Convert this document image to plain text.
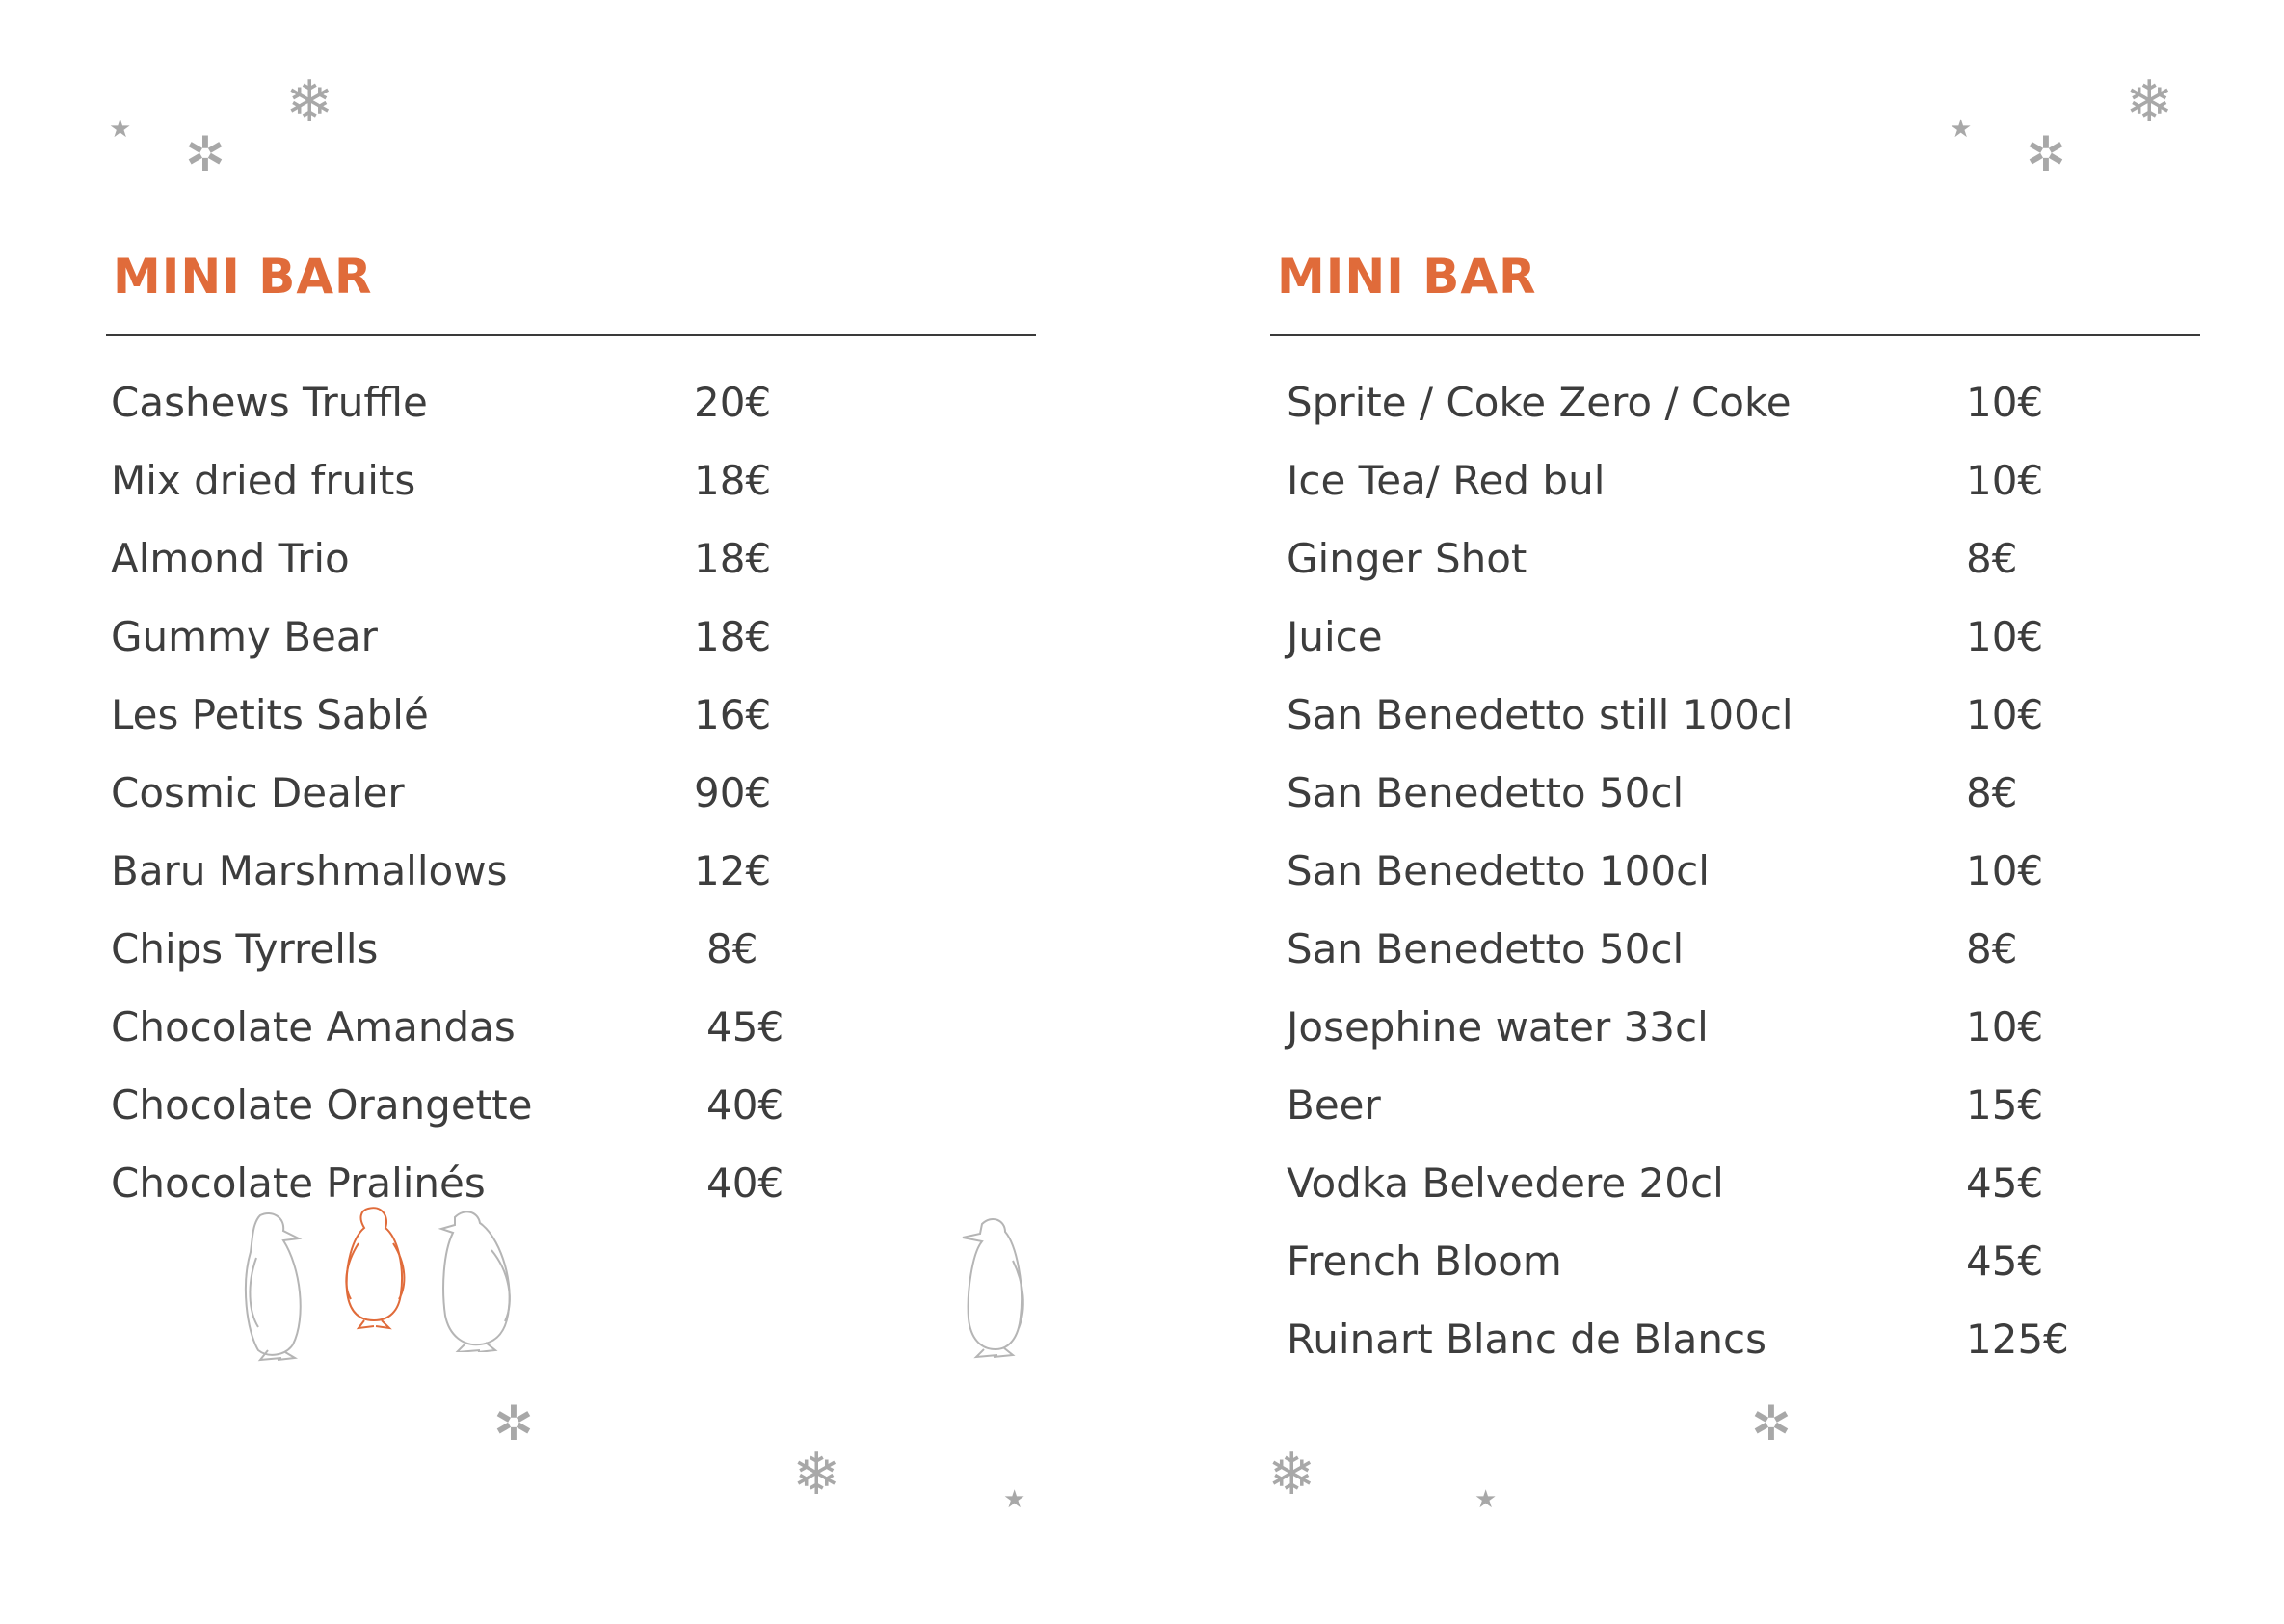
★ ✲
❄
MINI BAR
Cashews Truffle	20€
Mix dried fruits	18€
Almond Trio	18€
Gummy Bear	18€
Les Petits Sablé	16€
Cosmic Dealer	90€
Baru Marshmallows	12€
Chips Tyrrells	8€
Chocolate Amandas	45€
Chocolate Orangette	40€
Chocolate Pralinés	40€
✲
❄	★
★ ✲
❄
MINI BAR
Sprite / Coke Zero / Coke	10€
Ice Tea/ Red bul	10€
Ginger Shot	8€
Juice	10€
San Benedetto still 100cl	10€
San Benedetto 50cl	8€
San Benedetto 100cl	10€
San Benedetto 50cl	8€
Josephine water 33cl	10€
Beer	15€
Vodka Belvedere 20cl	45€
French Bloom	45€
Ruinart Blanc de Blancs	125€
❄	★
✲
